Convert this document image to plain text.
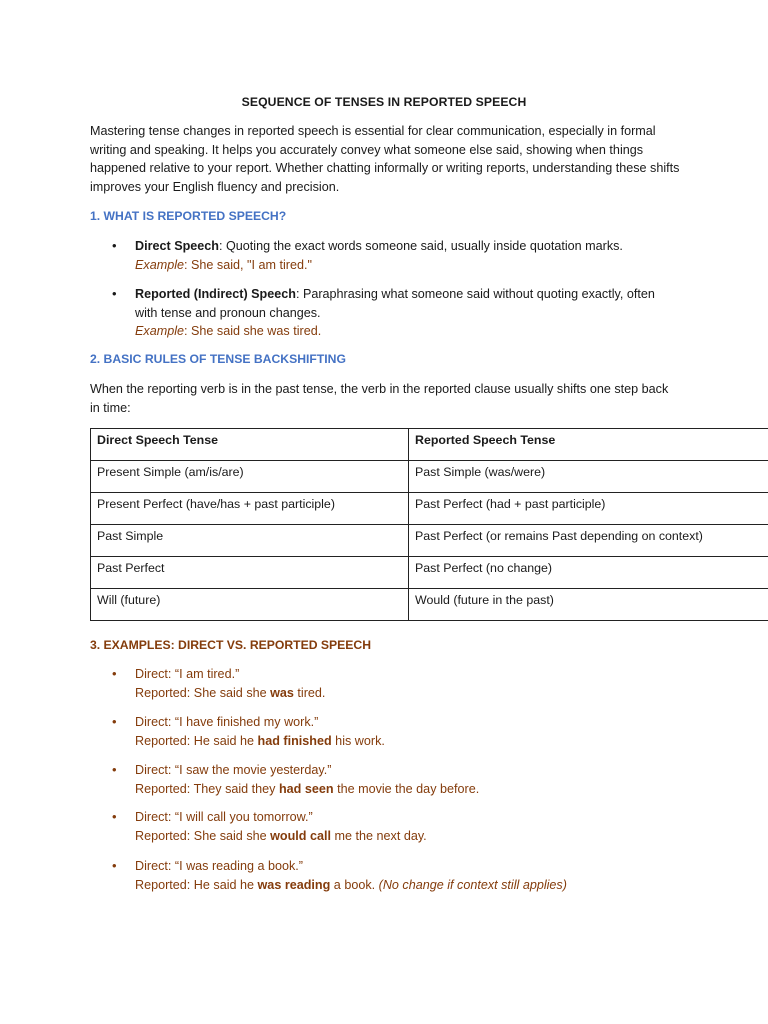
SEQUENCE OF TENSES IN REPORTED SPEECH
Mastering tense changes in reported speech is essential for clear communication, especially in formal writing and speaking. It helps you accurately convey what someone else said, showing when things happened relative to your report. Whether chatting informally or writing reports, understanding these shifts improves your English fluency and precision.
1. WHAT IS REPORTED SPEECH?
• Direct Speech: Quoting the exact words someone said, usually inside quotation marks.
Example: She said, "I am tired."
• Reported (Indirect) Speech: Paraphrasing what someone said without quoting exactly, often with tense and pronoun changes.
Example: She said she was tired.
2. BASIC RULES OF TENSE BACKSHIFTING
When the reporting verb is in the past tense, the verb in the reported clause usually shifts one step back in time:
Direct Speech Tense	Reported Speech Tense
Present Simple (am/is/are)	Past Simple (was/were)
Present Perfect (have/has + past participle)	Past Perfect (had + past participle)
Past Simple	Past Perfect (or remains Past depending on context)
Past Perfect	Past Perfect (no change)
Will (future)	Would (future in the past)
3. EXAMPLES: DIRECT VS. REPORTED SPEECH
• Direct: “I am tired.”
Reported: She said she was tired.
• Direct: “I have finished my work.”
Reported: He said he had finished his work.
• Direct: “I saw the movie yesterday.”
Reported: They said they had seen the movie the day before.
• Direct: “I will call you tomorrow.”
Reported: She said she would call me the next day.
• Direct: “I was reading a book.”
Reported: He said he was reading a book. (No change if context still applies)
